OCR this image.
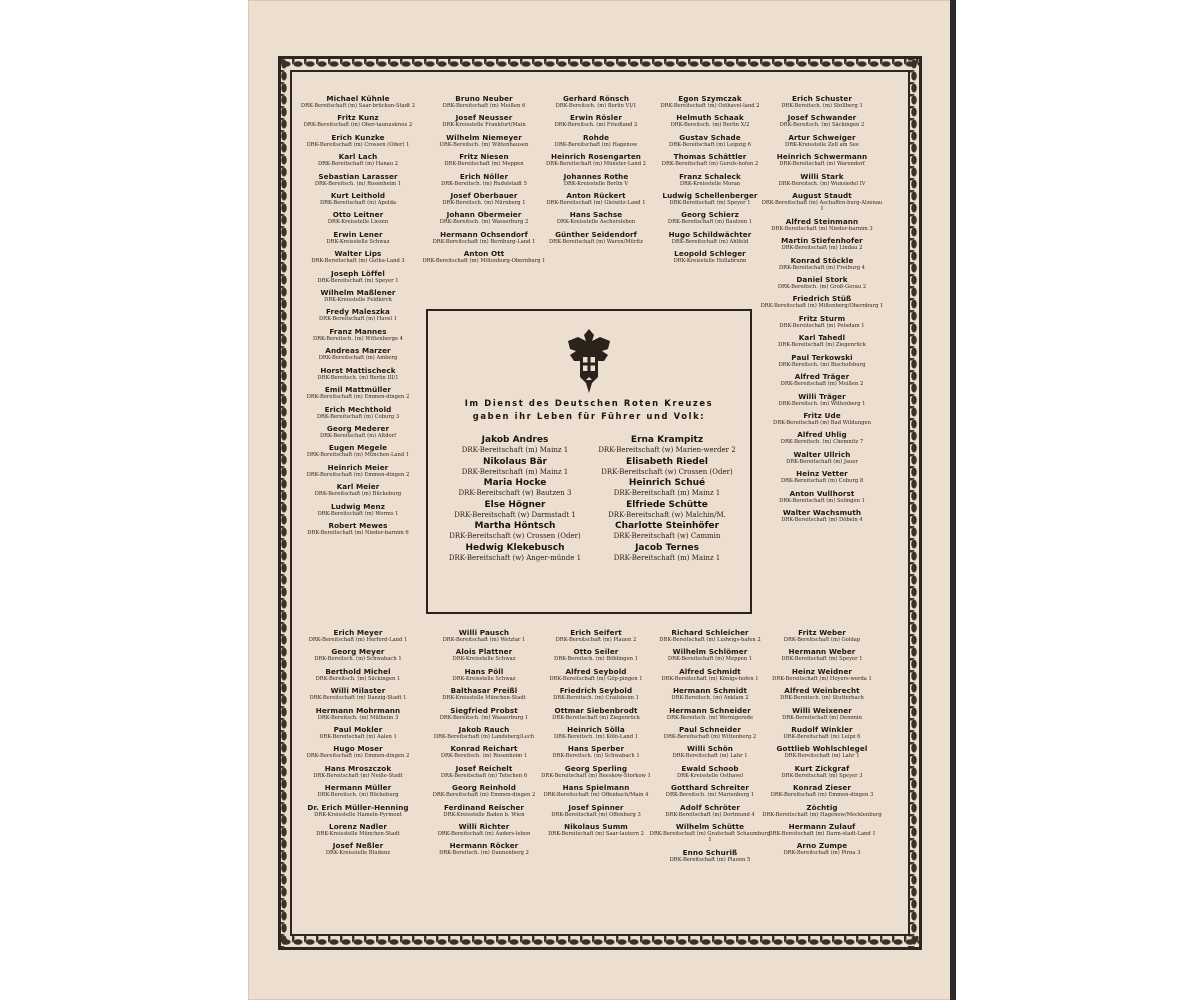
Michael Kühnle
DRK-Bereitschaft (m) Saar-brücken-Stadt 2
Fritz Kunz
DRK-Bereitschaft (m) Ober-taunuskreis 2
Erich Kunzke
DRK-Bereitschaft (m) Crossen (Oder) 1
Karl Lach
DRK-Bereitschaft (m) Hanau 2
Sebastian Larasser
DRK-Bereitsch. (m) Rosenheim 1
Kurt Leithold
DRK-Bereitschaft (m) Apolda
Otto Leitner
DRK-Kreisstelle Liezen
Erwin Lener
DRK-Kreisstelle Schwaz
Walter Lips
DRK-Bereitschaft (m) Gotha-Land 3
Joseph Löffel
DRK-Bereitschaft (m) Speyer 1
Wilhelm Maßlener
DRK-Kreisstelle Feldkirch
Fredy Maleszka
DRK-Bereitschaft (m) Havel 1
Franz Mannes
DRK-Bereitsch. (m) Wittenberge 4
Andreas Marzer
DRK-Bereitschaft (m) Amberg
Horst Mattischeck
DRK-Bereitsch. (m) Berlin III/1
Emil Mattmüller
DRK-Bereitschaft (m) Emmen-dingen 2
Erich Mechthold
DRK-Bereitschaft (m) Coburg 3
Georg Mederer
DRK-Bereitschaft (m) Altdorf
Eugen Megele
DRK-Bereitschaft (m) München-Land 1
Heinrich Meier
DRK-Bereitschaft (m) Emmen-dingen 2
Karl Meier
DRK-Bereitschaft (m) Bückeburg
Ludwig Menz
DRK-Bereitschaft (m) Worms 1
Robert Mewes
DRK-Bereitschaft (m) Nieder-barnim 6
Bruno Neuber
DRK-Bereitschaft (m) Meißen 6
Josef Neusser
DRK-Kreisstelle Frankfurt/Main
Wilhelm Niemeyer
DRK-Bereitsch. (m) Wittenhausen
Fritz Niesen
DRK-Bereitschaft (m) Meppen
Erich Nöller
DRK-Bereitsch. (m) Rudolstadt 5
Josef Oberbauer
DRK-Bereitsch. (m) Nürnberg 1
Johann Obermeier
DRK-Bereitsch. (m) Wasserburg 2
Hermann Ochsendorf
DRK-Bereitschaft (m) Bernburg-Land 1
Anton Ott
DRK-Bereitschaft (m) Miltenburg-Obernburg 1
Gerhard Rönsch
DRK-Bereitsch. (m) Berlin VI/1
Erwin Rösler
DRK-Bereitsch. (m) Friedland 2
Rohde
DRK-Bereitschaft (m) Hagenow
Heinrich Rosengarten
DRK-Bereitschaft (m) Münster-Land 2
Johannes Rothe
DRK-Kreisstelle Berlin V
Anton Rückert
DRK-Bereitschaft (m) Gleiwitz-Land 1
Hans Sachse
DRK-Kreisstelle Aschersleben
Günther Seidendorf
DRK-Bereitschaft (m) Waren/Müritz
Egon Szymczak
DRK-Bereitschaft (m) Osthavel-land 2
Helmuth Schaak
DRK-Bereitsch. (m) Berlin X/2
Gustav Schade
DRK-Bereitschaft (m) Leipzig 6
Thomas Schättler
DRK-Bereitschaft (m) Gerols-hofen 2
Franz Schaleck
DRK-Kreisstelle Moran
Ludwig Schellenberger
DRK-Bereitschaft (m) Speyer 1
Georg Schierz
DRK-Bereitschaft (m) Bautzen 1
Hugo Schildwächter
DRK-Bereitschaft (m) Ahlfeld
Leopold Schleger
DRK-Kreisstelle Hollabrunn
Erich Schuster
DRK-Bereitsch. (m) Stollberg 1
Josef Schwander
DRK-Bereitsch. (m) Säckingen 2
Artur Schweiger
DRK-Kreisstelle Zell am See
Heinrich Schwermann
DRK-Bereitschaft (m) Warendorf
Willi Stark
DRK-Bereitsch. (m) Wunsiedel IV
August Staudt
DRK-Bereitschaft (m) Aschaffen-burg-Alzenau 1
Alfred Steinmann
DRK-Bereitschaft (m) Nieder-barnim 3
Martin Stiefenhofer
DRK-Bereitschaft (m) Lindau 2
Konrad Stöckle
DRK-Bereitschaft (m) Freiburg 4
Daniel Stork
DRK-Bereitsch. (m) Groß-Gerau 2
Friedrich Stüß
DRK-Bereitschaft (m) Miltenberg/Obernburg 1
Fritz Sturm
DRK-Bereitschaft (m) Potsdam 1
Karl Tahedl
DRK-Bereitschaft (m) Ziegenrück
Paul Terkowski
DRK-Bereitsch. (m) Bischofsburg
Alfred Träger
DRK-Bereitschaft (m) Meißen 2
Willi Träger
DRK-Bereitsch. (m) Wittenberg 1
Fritz Ude
DRK-Bereitschaft (m) Bad Wildungen
Alfred Uhlig
DRK-Bereitsch. (m) Chemnitz 7
Walter Ullrich
DRK-Bereitschaft (m) Jauer
Heinz Vetter
DRK-Bereitschaft (m) Coburg 8
Anton Vullhorst
DRK-Bereitschaft (m) Solingen 1
Walter Wachsmuth
DRK-Bereitschaft (m) Döbeln 4
Im Dienst des Deutschen Roten Kreuzes
gaben ihr Leben für Führer und Volk:
Jakob Andres
DRK-Bereitschaft (m) Mainz 1
Nikolaus Bär
DRK-Bereitschaft (m) Mainz 1
Maria Hocke
DRK-Bereitschaft (w) Bautzen 3
Else Högner
DRK-Bereitschaft (w) Darmstadt 1
Martha Höntsch
DRK-Bereitschaft (w) Crossen (Oder)
Hedwig Klekebusch
DRK-Bereitschaft (w) Anger-münde 1
Erna Krampitz
DRK-Bereitschaft (w) Marien-werder 2
Elisabeth Riedel
DRK-Bereitschaft (w) Crossen (Oder)
Heinrich Schué
DRK-Bereitschaft (m) Mainz 1
Elfriede Schütte
DRK-Bereitschaft (w) Malchin/M.
Charlotte Steinhöfer
DRK-Bereitschaft (w) Cammin
Jacob Ternes
DRK-Bereitschaft (m) Mainz 1
Erich Meyer
DRK-Bereitschaft (m) Herford-Land 1
Georg Meyer
DRK-Bereitsch. (m) Schwabach 1
Berthold Michel
DRK-Bereitsch. (m) Säckingen 1
Willi Milaster
DRK-Bereitschaft (m) Danzig-Stadt 1
Hermann Mohrmann
DRK-Bereitsch. (m) Mülheim 3
Paul Mokler
DRK-Bereitschaft (m) Aalen 1
Hugo Moser
DRK-Bereitschaft (m) Emmen-dingen 2
Hans Mroszczok
DRK-Bereitschaft (m) Neiße-Stadt
Hermann Müller
DRK-Bereitsch. (m) Bückeburg
Dr. Erich Müller-Henning
DRK-Kreisstelle Hameln-Pyrmont
Lorenz Nadler
DRK-Kreisstelle München-Stadt
Josef Neßler
DRK-Kreisstelle Bludenz
Willi Pausch
DRK-Bereitschaft (m) Wetzlar 1
Alois Plattner
DRK-Kreisstelle Schwaz
Hans Pöll
DRK-Kreisstelle Schwaz
Balthasar Preißl
DRK-Kreisstelle München-Stadt
Siegfried Probst
DRK-Bereitsch. (m) Wasserburg 1
Jakob Rauch
DRK-Bereitschaft (m) Landsberg/Lech
Konrad Reichart
DRK-Bereitsch. (m) Rosenheim 1
Josef Reichelt
DRK-Bereitschaft (m) Tetschen 6
Georg Reinhold
DRK-Bereitschaft (m) Emmen-dingen 2
Ferdinand Reischer
DRK-Kreisstelle Baden b. Wien
Willi Richter
DRK-Bereitschaft (m) Auders-leben
Hermann Röcker
DRK-Bereitsch. (m) Dannenberg 2
Erich Seifert
DRK-Bereitschaft (m) Plauen 2
Otto Seiler
DRK-Bereitsch. (m) Böblingen 1
Alfred Seybold
DRK-Bereitschaft (m) Göp-pingen 1
Friedrich Seybold
DRK-Bereitsch. (m) Crailsheim 1
Ottmar Siebenbrodt
DRK-Bereitschaft (m) Ziegenrück
Heinrich Sölla
DRK-Bereitsch. (m) Köln-Land 1
Hans Sperber
DRK-Bereitsch. (m) Schwabach 1
Georg Sperling
DRK-Bereitschaft (m) Beeskow-Storkow 1
Hans Spielmann
DRK-Bereitschaft (m) Offenbach/Main 4
Josef Spinner
DRK-Bereitschaft (m) Offenburg 3
Nikolaus Summ
DRK-Bereitschaft (m) Saar-lautern 2
Richard Schleicher
DRK-Bereitschaft (m) Ludwigs-hafen 2
Wilhelm Schlömer
DRK-Bereitschaft (m) Meppen 1
Alfred Schmidt
DRK-Bereitschaft (m) Königs-hofen 1
Hermann Schmidt
DRK-Bereitsch. (m) Anklam 2
Hermann Schneider
DRK-Bereitsch. (m) Wernigerode
Paul Schneider
DRK-Bereitschaft (m) Wittenberg 2
Willi Schön
DRK-Bereitschaft (m) Lahr 1
Ewald Schoob
DRK-Kreisstelle Osthavel
Gotthard Schreiter
DRK-Bereitsch. (m) Marienberg 1
Adolf Schröter
DRK-Bereitschaft (m) Dortmund 4
Wilhelm Schütte
DRK-Bereitschaft (m) Grafschaft Schaumburg 1
Enno Schuriß
DRK-Bereitschaft (m) Plauen 5
Fritz Weber
DRK-Bereitschaft (m) Goldap
Hermann Weber
DRK-Bereitschaft (m) Speyer 1
Heinz Weidner
DRK-Bereitschaft (m) Hoyers-werda 1
Alfred Weinbrecht
DRK-Bereitsch. (m) Stutterbach
Willi Weixener
DRK-Bereitschaft (m) Demmin
Rudolf Winkler
DRK-Bereitschaft (m) Leipz 6
Gottlieb Wohlschlegel
DRK-Bereitschaft (m) Lahr 1
Kurt Zickgraf
DRK-Bereitschaft (m) Speyer 3
Konrad Zieser
DRK-Bereitschaft (m) Emmen-dingen 3
Zöchtig
DRK-Bereitschaft (m) Hagenow/Mecklenburg
Hermann Zulauf
DRK-Bereitschaft (m) Darm-stadt-Land 1
Arno Zumpe
DRK-Bereitschaft (m) Pirna 3
